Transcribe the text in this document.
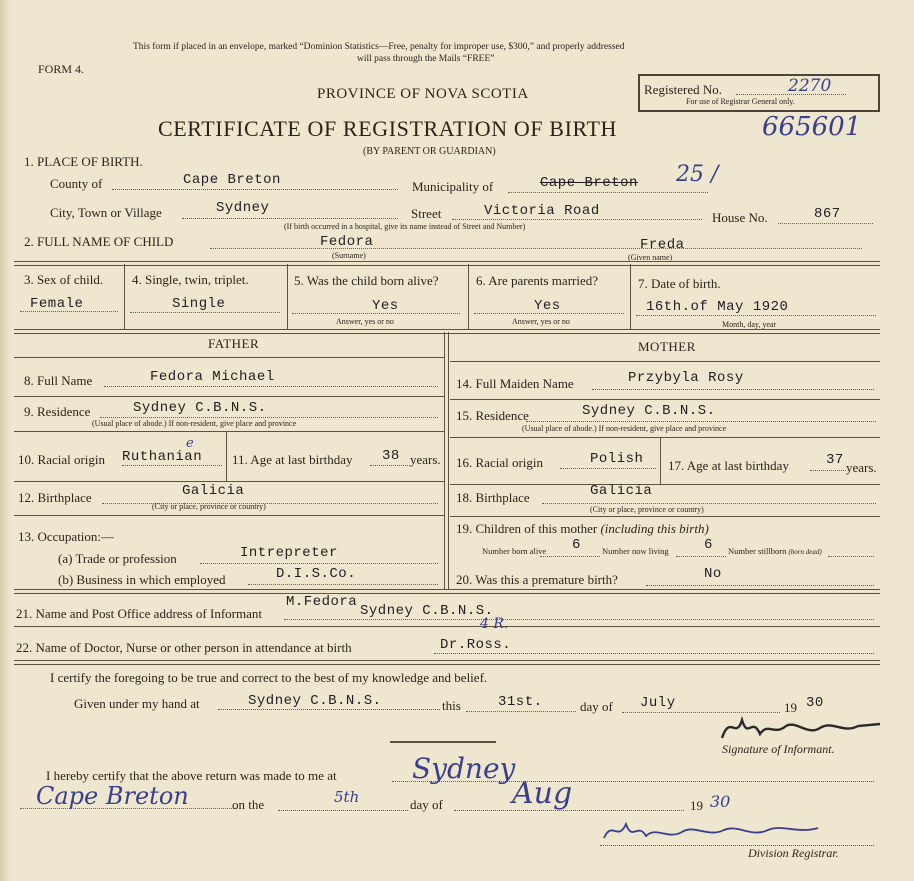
This form if placed in an envelope, marked “Dominion Statistics—Free, penalty for improper use, $300,” and properly addressed
will pass through the Mails “FREE”
FORM 4.
PROVINCE OF NOVA SCOTIA	Registered No.	2270
For use of Registrar General only.
CERTIFICATE OF REGISTRATION OF BIRTH	665601
(BY PARENT OR GUARDIAN)
1. PLACE OF BIRTH.
County of	Cape Breton	Municipality of	Cape Breton 25 /
City, Town or Village	Sydney	Street	Victoria Road	House No.	867
(If birth occurred in a hospital, give its name instead of Street and Number)
2. FULL NAME OF CHILD	Fedora
(Surname)
Freda
(Given name)
3. Sex of child.
Female
4. Single, twin, triplet.
Single
5. Was the child born alive?
Yes
Answer, yes or no
6. Are parents married?
Yes
Answer, yes or no
7. Date of birth.
16th.of May 1920
Month, day, year
FATHER
8. Full Name	Fedora Michael
9. Residence	Sydney C.B.N.S.
(Usual place of abode.) If non-resident, give place and province
10. Racial origin Ruthanian
e
11. Age at last birthday 38 years.
12. Birthplace	Galicia
(City or place, province or country)
13. Occupation:—
(a) Trade or profession	Intrepreter
(b) Business in which employed	D.I.S.Co.
MOTHER
14. Full Maiden Name	Przybyla Rosy
15. Residence	Sydney C.B.N.S.
(Usual place of abode.) If non-resident, give place and province
16. Racial origin	Polish 17. Age at last birthday	37 years.
18. Birthplace	Galicia
(City or place, province or country)
19. Children of this mother (including this birth)
Number born alive 6 Number now living	6 Number stillborn (born dead)
20. Was this a premature birth?	No
21. Name and Post Office address of Informant
M.Fedora
Sydney C.B.N.S.
22. Name of Doctor, Nurse or other person in attendance at birth	Dr.Ross.
4 R.
I certify the foregoing to be true and correct to the best of my knowledge and belief.
Given under my hand at	Sydney C.B.N.S.	this	31st.	day of July	19 30
Signature of Informant.
I hereby certify that the above return was made to me at	Sydney
Cape Breton	on the	5th	day of Aug	19 30
Division Registrar.
